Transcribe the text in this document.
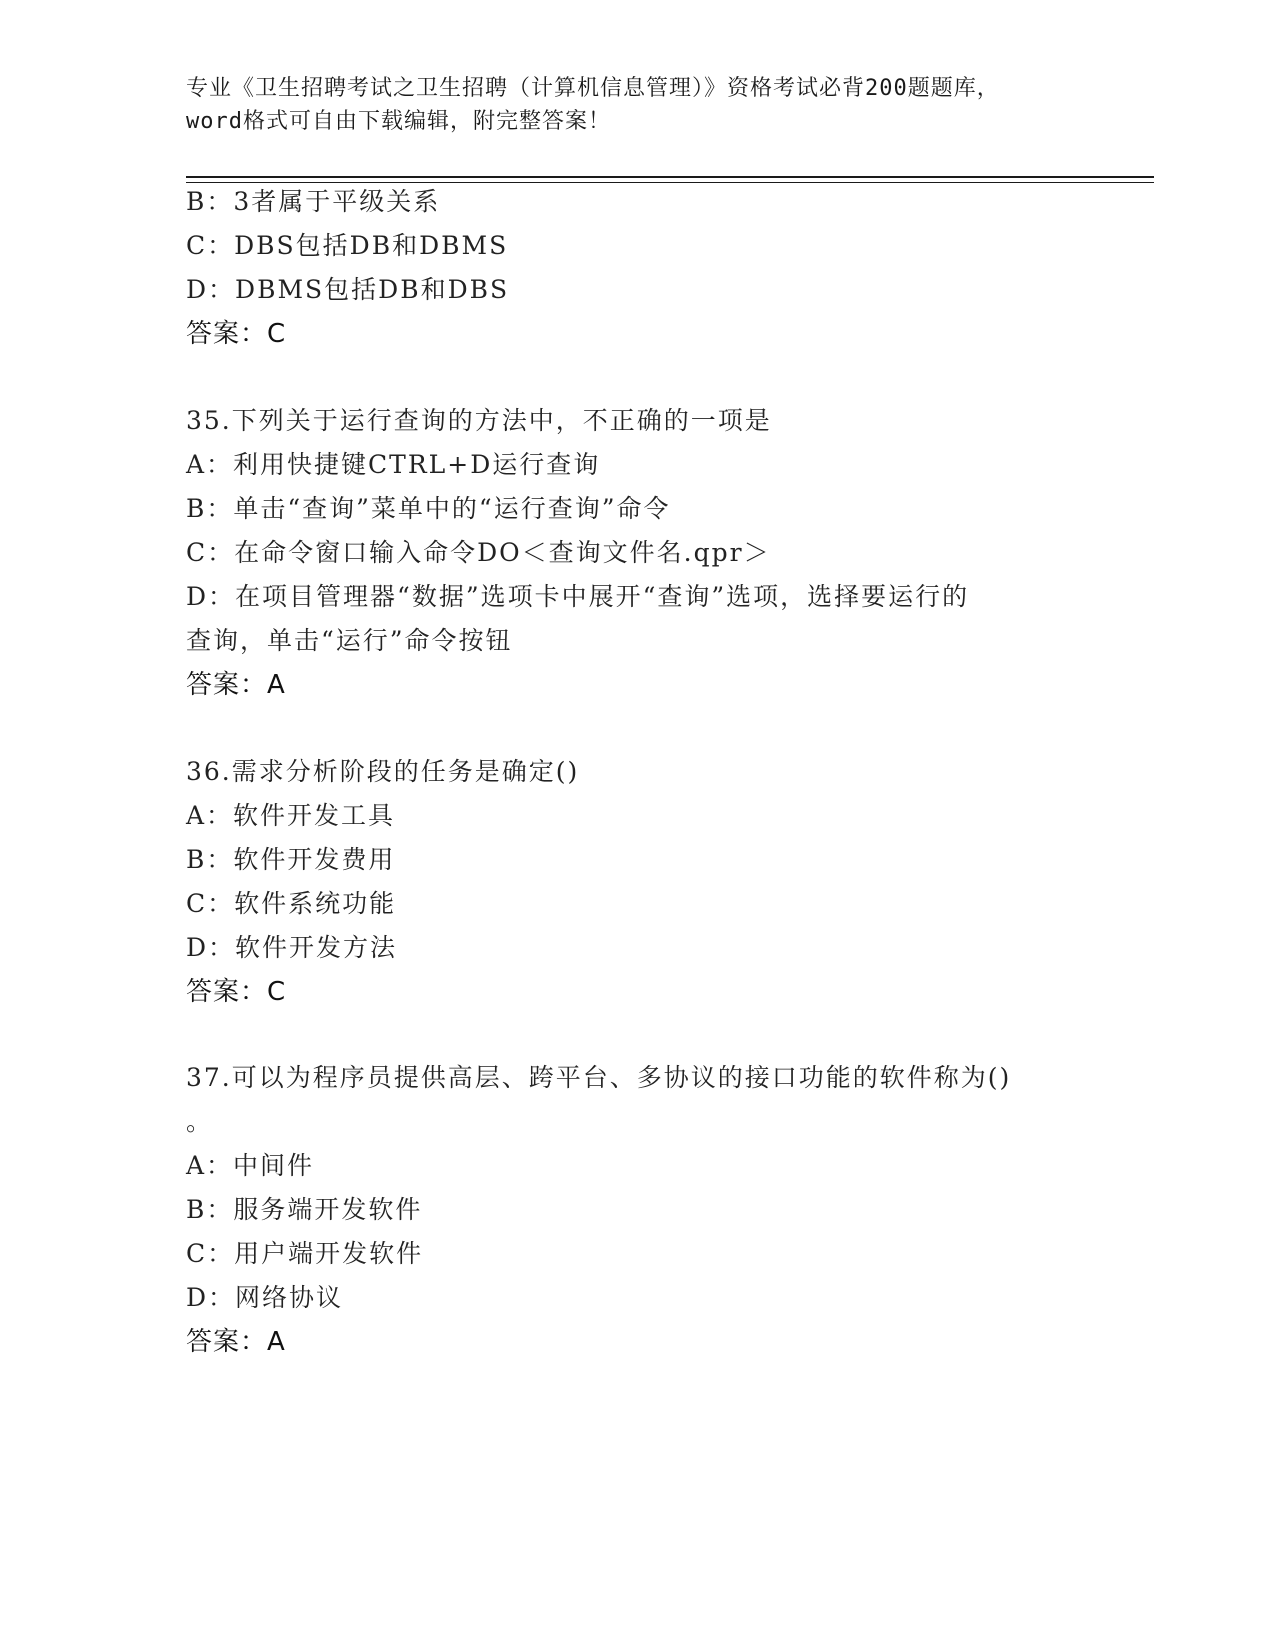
专业《卫生招聘考试之卫生招聘（计算机信息管理）》资格考试必背200题题库，
word格式可自由下载编辑，附完整答案！
B：3者属于平级关系
C：DBS包括DB和DBMS
D：DBMS包括DB和DBS
答案：C
35.下列关于运行查询的方法中，不正确的一项是
A：利用快捷键CTRL+D运行查询
B：单击“查询”菜单中的“运行查询”命令
C：在命令窗口输入命令DO＜查询文件名.qpr＞
D：在项目管理器“数据”选项卡中展开“查询”选项，选择要运行的
查询，单击“运行”命令按钮
答案：A
36.需求分析阶段的任务是确定()
A：软件开发工具
B：软件开发费用
C：软件系统功能
D：软件开发方法
答案：C
37.可以为程序员提供高层、跨平台、多协议的接口功能的软件称为()
。
A：中间件
B：服务端开发软件
C：用户端开发软件
D：网络协议
答案：A
